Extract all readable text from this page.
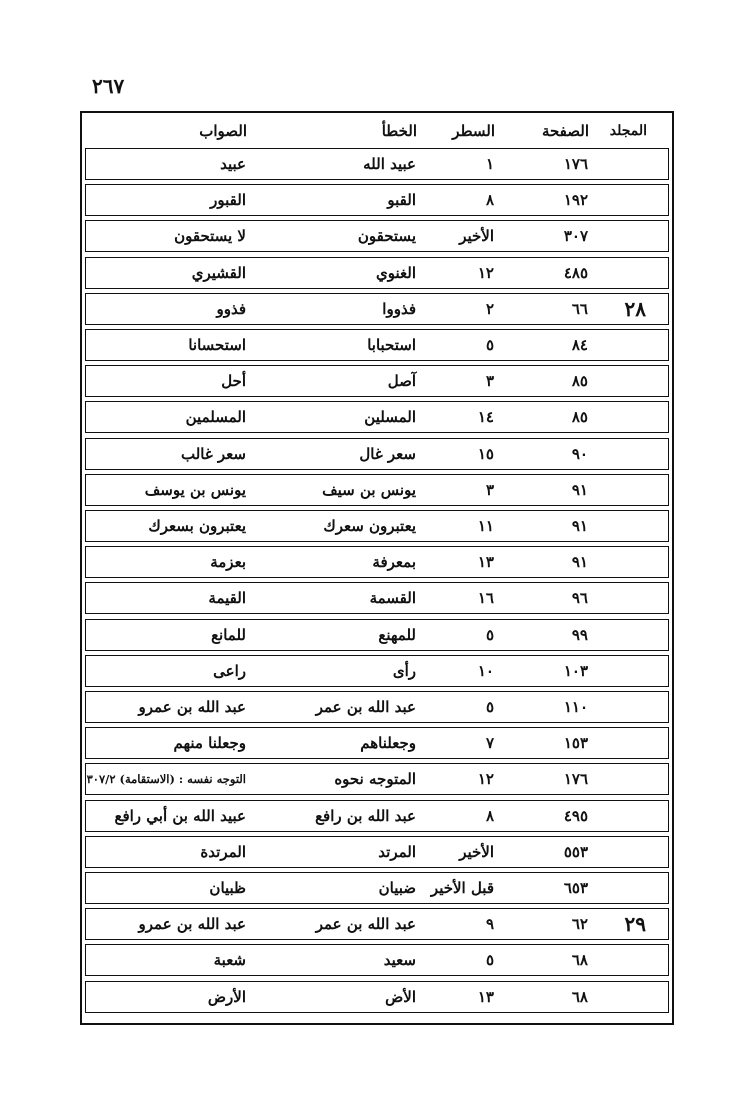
٢٦٧
المجلد
الصفحة
السطر
الخطأ
الصواب
١٧٦
١
عبيد الله
عبيد
١٩٢
٨
القبو
القبور
٣٠٧
الأخير
يستحقون
لا يستحقون
٤٨٥
١٢
الغنوي
القشيري
٢٨
٦٦
٢
فذووا
فذوو
٨٤
٥
استحبابا
استحسانا
٨٥
٣
آصل
أحل
٨٥
١٤
المسلين
المسلمين
٩٠
١٥
سعر غال
سعر غالب
٩١
٣
يونس بن سيف
يونس بن يوسف
٩١
١١
يعتبرون سعرك
يعتبرون بسعرك
٩١
١٣
بمعرفة
بعزمة
٩٦
١٦
القسمة
القيمة
٩٩
٥
للمهنع
للمانع
١٠٣
١٠
رأى
راعى
١١٠
٥
عبد الله بن عمر
عبد الله بن عمرو
١٥٣
٧
وجعلناهم
وجعلنا منهم
١٧٦
١٢
المتوجه نحوه
التوجه نفسه : (الاستقامة) ٣٠٧/٢
٤٩٥
٨
عبد الله بن رافع
عبيد الله بن أبي رافع
٥٥٣
الأخير
المرتد
المرتدة
٦٥٣
قبل الأخير
ضبيان
ظبيان
٢٩
٦٢
٩
عبد الله بن عمر
عبد الله بن عمرو
٦٨
٥
سعيد
شعبة
٦٨
١٣
الأض
الأرض
